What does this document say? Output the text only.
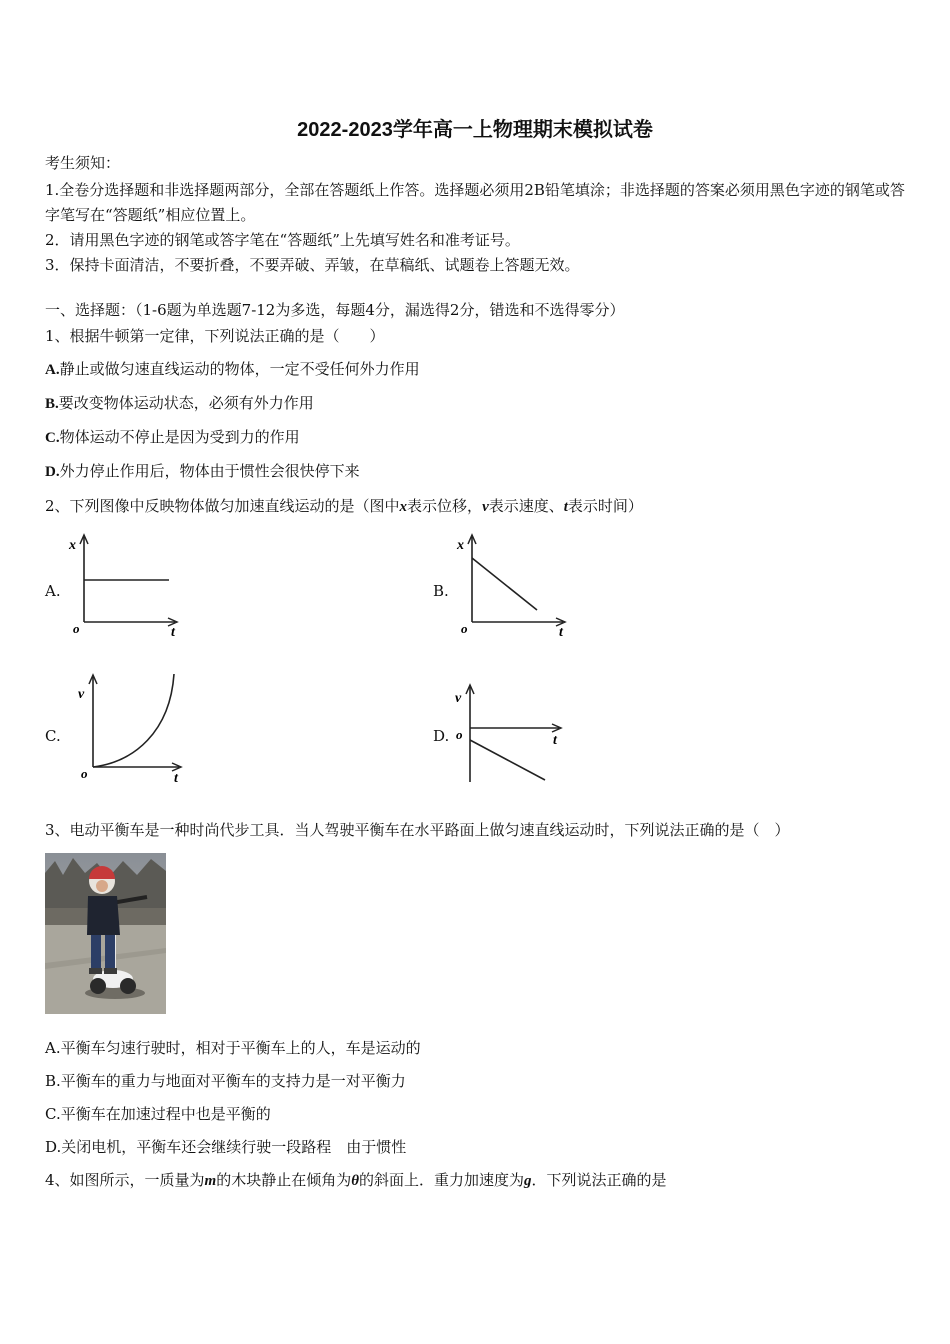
2022-2023学年高一上物理期末模拟试卷
考生须知：
1.全卷分选择题和非选择题两部分，全部在答题纸上作答。选择题必须用2B铅笔填涂；非选择题的答案必须用黑色字迹的钢笔或答字笔写在“答题纸”相应位置上。
2．请用黑色字迹的钢笔或答字笔在“答题纸”上先填写姓名和准考证号。
3．保持卡面清洁，不要折叠，不要弄破、弄皱，在草稿纸、试题卷上答题无效。
一、选择题：（1-6题为单选题7-12为多选，每题4分，漏选得2分，错选和不选得零分）
1、根据牛顿第一定律，下列说法正确的是（　　）
A.静止或做匀速直线运动的物体，一定不受任何外力作用
B.要改变物体运动状态，必须有外力作用
C.物体运动不停止是因为受到力的作用
D.外力停止作用后，物体由于惯性会很快停下来
2、下列图像中反映物体做匀加速直线运动的是（图中x表示位移，v表示速度、t表示时间）
A.
x
t
o
B.
x
t
o
C.
v
t
o
D.
v
t
o
3、电动平衡车是一种时尚代步工具．当人驾驶平衡车在水平路面上做匀速直线运动时，下列说法正确的是（　）
A.平衡车匀速行驶时，相对于平衡车上的人，车是运动的
B.平衡车的重力与地面对平衡车的支持力是一对平衡力
C.平衡车在加速过程中也是平衡的
D.关闭电机，平衡车还会继续行驶一段路程　由于惯性
4、如图所示，一质量为m的木块静止在倾角为θ的斜面上．重力加速度为g．下列说法正确的是
